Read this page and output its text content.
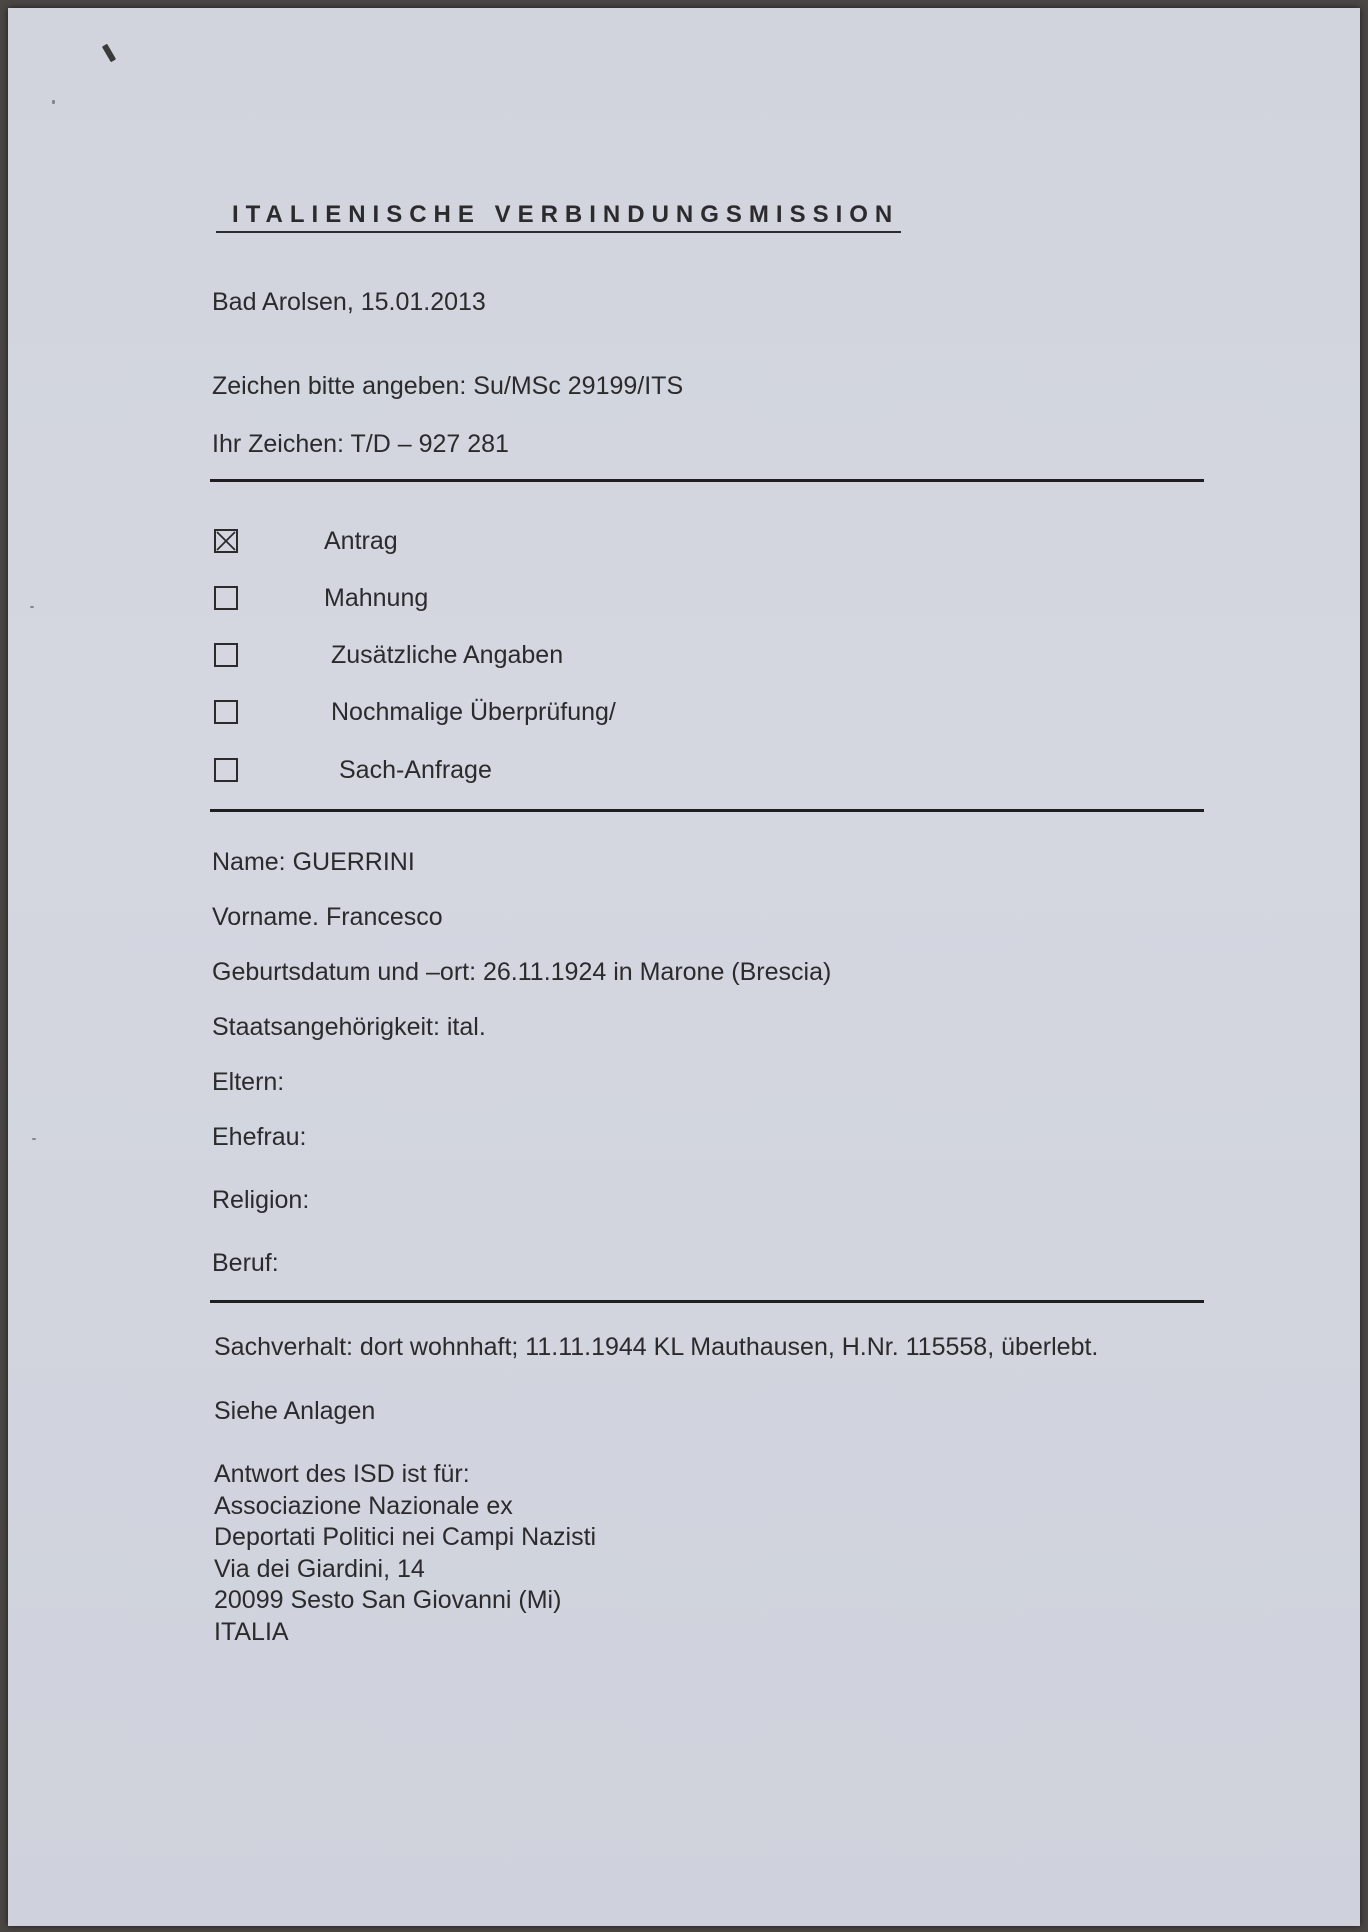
ITALIENISCHE VERBINDUNGSMISSION
Bad Arolsen, 15.01.2013
Zeichen bitte angeben: Su/MSc 29199/ITS
Ihr Zeichen: T/D – 927 281
Antrag
Mahnung
Zusätzliche Angaben
Nochmalige Überprüfung/
Sach-Anfrage
Name: GUERRINI
Vorname. Francesco
Geburtsdatum und –ort: 26.11.1924 in Marone (Brescia)
Staatsangehörigkeit: ital.
Eltern:
Ehefrau:
Religion:
Beruf:
Sachverhalt: dort wohnhaft; 11.11.1944 KL Mauthausen, H.Nr. 115558, überlebt.
Siehe Anlagen
Antwort des ISD ist für:
Associazione Nazionale ex
Deportati Politici nei Campi Nazisti
Via dei Giardini, 14
20099 Sesto San Giovanni (Mi)
ITALIA
